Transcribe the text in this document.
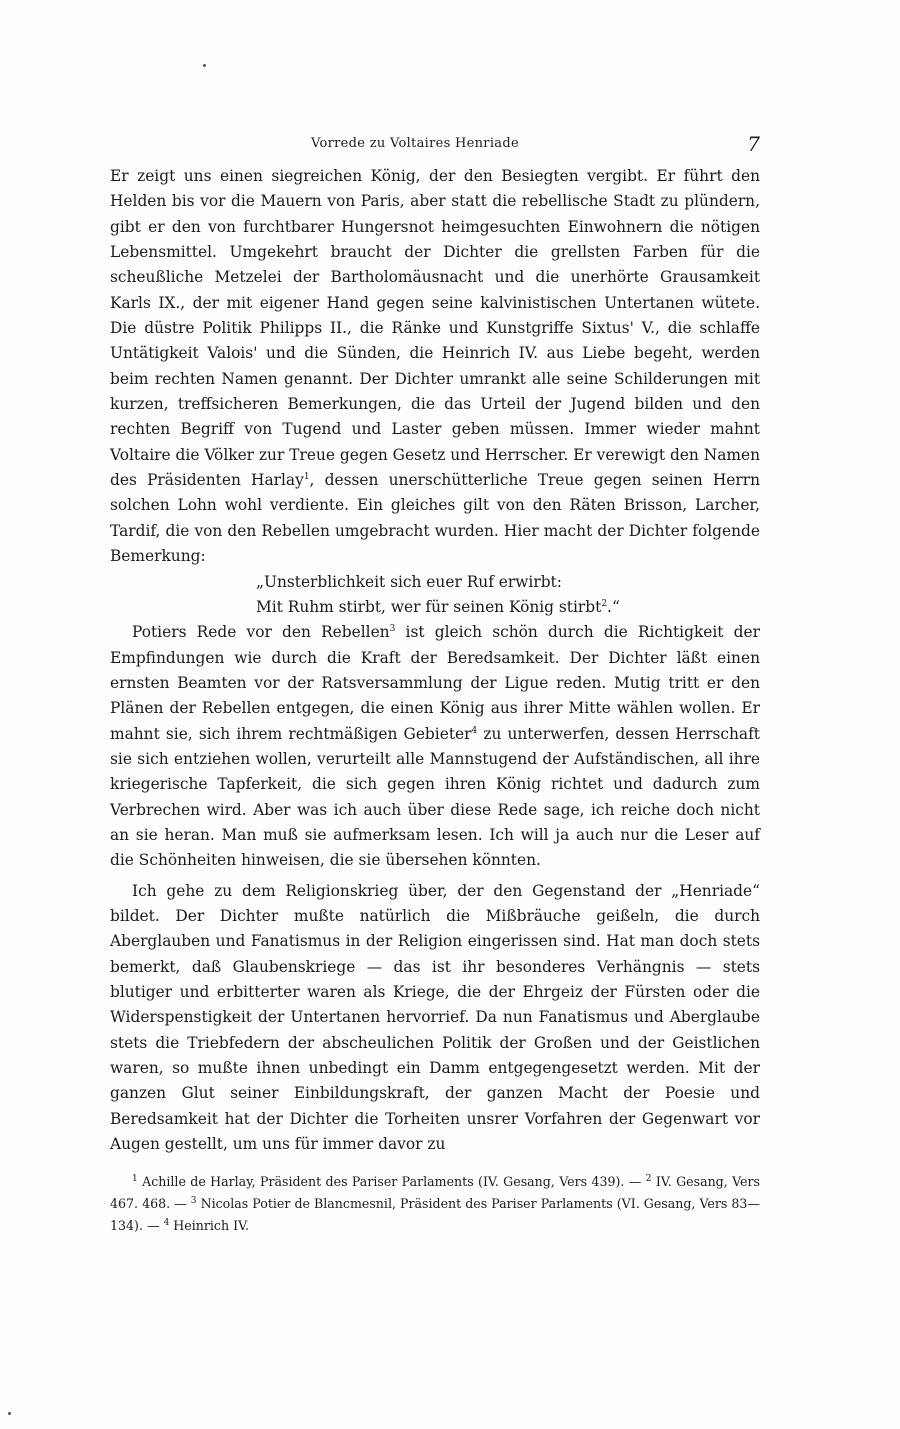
Vorrede zu Voltaires Henriade	7

Er zeigt uns einen siegreichen König, der den Besiegten vergibt. Er führt den Helden bis vor die Mauern von Paris, aber statt die rebellische Stadt zu plündern, gibt er den von furchtbarer Hungersnot heimgesuchten Einwohnern die nötigen Lebensmittel. Umgekehrt braucht der Dichter die grellsten Farben für die scheußliche Metzelei der Bartholomäusnacht und die unerhörte Grausamkeit Karls IX., der mit eigener Hand gegen seine kalvinistischen Untertanen wütete. Die düstre Politik Philipps II., die Ränke und Kunstgriffe Sixtus' V., die schlaffe Untätigkeit Valois' und die Sünden, die Heinrich IV. aus Liebe begeht, werden beim rechten Namen genannt. Der Dichter umrankt alle seine Schilderungen mit kurzen, treffsicheren Bemerkungen, die das Urteil der Jugend bilden und den rechten Begriff von Tugend und Laster geben müssen. Immer wieder mahnt Voltaire die Völker zur Treue gegen Gesetz und Herrscher. Er verewigt den Namen des Präsidenten Harlay$^1$, dessen unerschütterliche Treue gegen seinen Herrn solchen Lohn wohl verdiente. Ein gleiches gilt von den Räten Brisson, Larcher, Tardif, die von den Rebellen umgebracht wurden. Hier macht der Dichter folgende Bemerkung:

„Unsterblichkeit sich euer Ruf erwirbt:
Mit Ruhm stirbt, wer für seinen König stirbt$^2$.“

Potiers Rede vor den Rebellen$^3$ ist gleich schön durch die Richtigkeit der Empfindungen wie durch die Kraft der Beredsamkeit. Der Dichter läßt einen ernsten Beamten vor der Ratsversammlung der Ligue reden. Mutig tritt er den Plänen der Rebellen entgegen, die einen König aus ihrer Mitte wählen wollen. Er mahnt sie, sich ihrem rechtmäßigen Gebieter$^4$ zu unterwerfen, dessen Herrschaft sie sich entziehen wollen, verurteilt alle Mannstugend der Aufständischen, all ihre kriegerische Tapferkeit, die sich gegen ihren König richtet und dadurch zum Verbrechen wird. Aber was ich auch über diese Rede sage, ich reiche doch nicht an sie heran. Man muß sie aufmerksam lesen. Ich will ja auch nur die Leser auf die Schönheiten hinweisen, die sie übersehen könnten.

Ich gehe zu dem Religionskrieg über, der den Gegenstand der „Henriade“ bildet. Der Dichter mußte natürlich die Mißbräuche geißeln, die durch Aberglauben und Fanatismus in der Religion eingerissen sind. Hat man doch stets bemerkt, daß Glaubenskriege — das ist ihr besonderes Verhängnis — stets blutiger und erbitterter waren als Kriege, die der Ehrgeiz der Fürsten oder die Widerspenstigkeit der Untertanen hervorrief. Da nun Fanatismus und Aberglaube stets die Triebfedern der abscheulichen Politik der Großen und der Geistlichen waren, so mußte ihnen unbedingt ein Damm entgegengesetzt werden. Mit der ganzen Glut seiner Einbildungskraft, der ganzen Macht der Poesie und Beredsamkeit hat der Dichter die Torheiten unsrer Vorfahren der Gegenwart vor Augen gestellt, um uns für immer davor zu

$^1$ Achille de Harlay, Präsident des Pariser Parlaments (IV. Gesang, Vers 439). — $^2$ IV. Gesang, Vers 467. 468. — $^3$ Nicolas Potier de Blancmesnil, Präsident des Pariser Parlaments (VI. Gesang, Vers 83—134). — $^4$ Heinrich IV.
